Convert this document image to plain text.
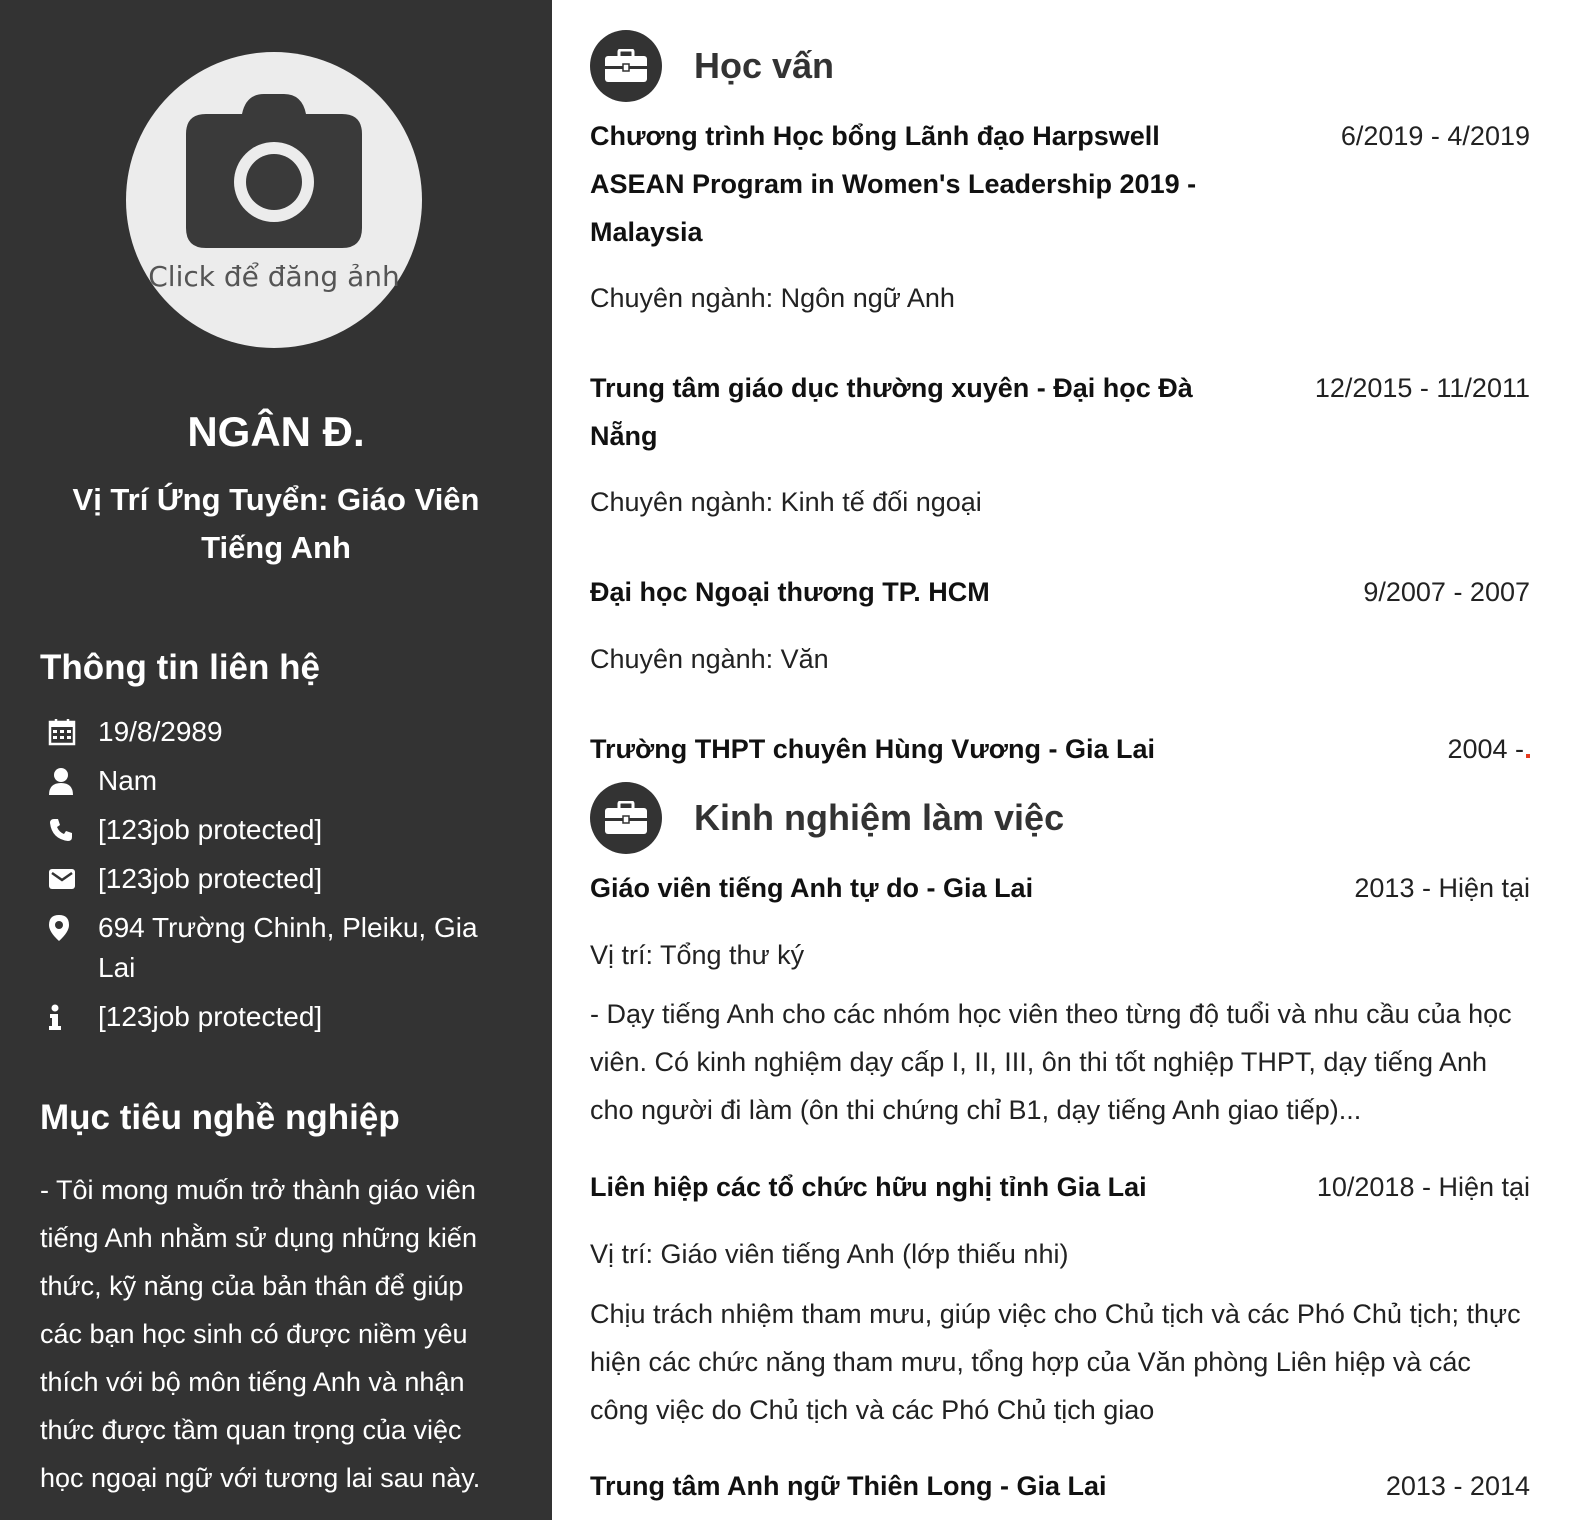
Click để đăng ảnh
NGÂN Đ.
Vị Trí Ứng Tuyển: Giáo Viên Tiếng Anh
Thông tin liên hệ
19/8/2989
Nam
[123job protected]
[123job protected]
694 Trường Chinh, Pleiku, Gia Lai
[123job protected]
Mục tiêu nghề nghiệp
- Tôi mong muốn trở thành giáo viên tiếng Anh nhằm sử dụng những kiến thức, kỹ năng của bản thân để giúp các bạn học sinh có được niềm yêu thích với bộ môn tiếng Anh và nhận thức được tầm quan trọng của việc học ngoại ngữ với tương lai sau này.
Học vấn
Chương trình Học bổng Lãnh đạo Harpswell ASEAN Program in Women's Leadership 2019 - Malaysia
6/2019 - 4/2019
Chuyên ngành: Ngôn ngữ Anh
Trung tâm giáo dục thường xuyên - Đại học Đà Nẵng
12/2015 - 11/2011
Chuyên ngành: Kinh tế đối ngoại
Đại học Ngoại thương TP. HCM	9/2007 - 2007
Chuyên ngành: Văn
Trường THPT chuyên Hùng Vương - Gia Lai	2004 -
Kinh nghiệm làm việc
Giáo viên tiếng Anh tự do - Gia Lai	2013 - Hiện tại
Vị trí: Tổng thư ký
- Dạy tiếng Anh cho các nhóm học viên theo từng độ tuổi và nhu cầu của học viên. Có kinh nghiệm dạy cấp I, II, III, ôn thi tốt nghiệp THPT, dạy tiếng Anh cho người đi làm (ôn thi chứng chỉ B1, dạy tiếng Anh giao tiếp)...
Liên hiệp các tổ chức hữu nghị tỉnh Gia Lai	10/2018 - Hiện tại
Vị trí: Giáo viên tiếng Anh (lớp thiếu nhi)
Chịu trách nhiệm tham mưu, giúp việc cho Chủ tịch và các Phó Chủ tịch; thực hiện các chức năng tham mưu, tổng hợp của Văn phòng Liên hiệp và các công việc do Chủ tịch và các Phó Chủ tịch giao
Trung tâm Anh ngữ Thiên Long - Gia Lai	2013 - 2014
